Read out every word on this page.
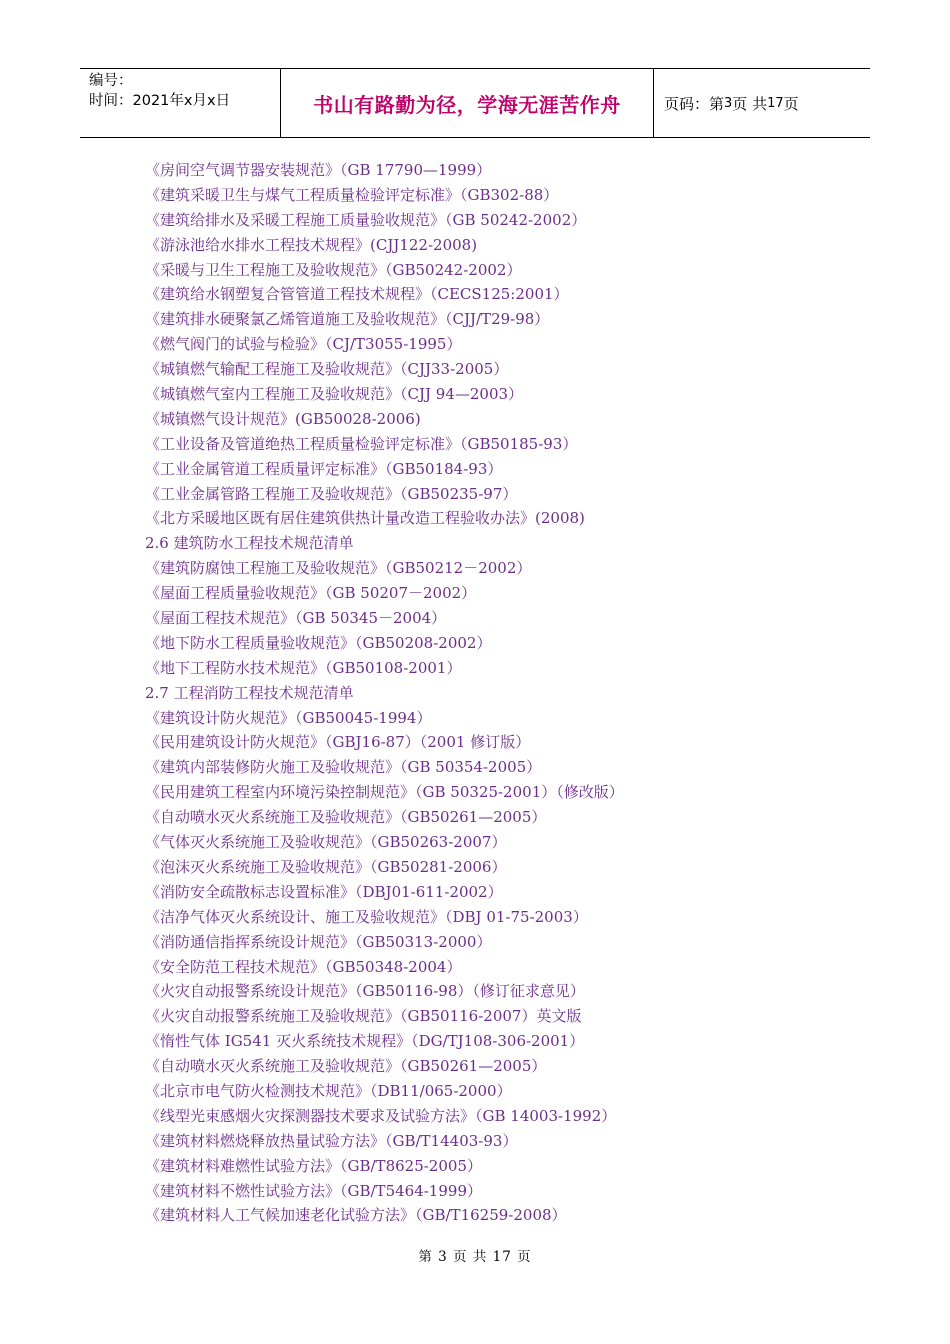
编号：
时间：2021年x月x日	书山有路勤为径，学海无涯苦作舟	页码：第 3 页 共 17 页
《房间空气调节器安装规范》（GB 17790—1999）
《建筑采暖卫生与煤气工程质量检验评定标准》（GB302-88）
《建筑给排水及采暖工程施工质量验收规范》（GB 50242-2002）
《游泳池给水排水工程技术规程》(CJJ122-2008)
《采暖与卫生工程施工及验收规范》（GB50242-2002）
《建筑给水钢塑复合管管道工程技术规程》（CECS125:2001）
《建筑排水硬聚氯乙烯管道施工及验收规范》（CJJ/T29-98）
《燃气阀门的试验与检验》（CJ/T3055-1995）
《城镇燃气输配工程施工及验收规范》（CJJ33-2005）
《城镇燃气室内工程施工及验收规范》（CJJ 94—2003）
《城镇燃气设计规范》(GB50028-2006)
《工业设备及管道绝热工程质量检验评定标准》（GB50185-93）
《工业金属管道工程质量评定标准》（GB50184-93）
《工业金属管路工程施工及验收规范》（GB50235-97）
《北方采暖地区既有居住建筑供热计量改造工程验收办法》(2008)
2.6 建筑防水工程技术规范清单
《建筑防腐蚀工程施工及验收规范》（GB50212－2002）
《屋面工程质量验收规范》（GB 50207－2002）
《屋面工程技术规范》（GB 50345－2004）
《地下防水工程质量验收规范》（GB50208-2002）
《地下工程防水技术规范》（GB50108-2001）
2.7 工程消防工程技术规范清单
《建筑设计防火规范》（GB50045-1994）
《民用建筑设计防火规范》（GBJ16-87）（2001 修订版）
《建筑内部装修防火施工及验收规范》（GB 50354-2005）
《民用建筑工程室内环境污染控制规范》（GB 50325-2001）（修改版）
《自动喷水灭火系统施工及验收规范》（GB50261—2005）
《气体灭火系统施工及验收规范》（GB50263-2007）
《泡沫灭火系统施工及验收规范》（GB50281-2006）
《消防安全疏散标志设置标准》（DBJ01-611-2002）
《洁净气体灭火系统设计、施工及验收规范》（DBJ 01-75-2003）
《消防通信指挥系统设计规范》（GB50313-2000）
《安全防范工程技术规范》（GB50348-2004）
《火灾自动报警系统设计规范》（GB50116-98）（修订征求意见）
《火灾自动报警系统施工及验收规范》（GB50116-2007）英文版
《惰性气体 IG541 灭火系统技术规程》（DG/TJ108-306-2001）
《自动喷水灭火系统施工及验收规范》（GB50261—2005）
《北京市电气防火检测技术规范》（DB11/065-2000）
《线型光束感烟火灾探测器技术要求及试验方法》（GB 14003-1992）
《建筑材料燃烧释放热量试验方法》（GB/T14403-93）
《建筑材料难燃性试验方法》（GB/T8625-2005）
《建筑材料不燃性试验方法》（GB/T5464-1999）
《建筑材料人工气候加速老化试验方法》（GB/T16259-2008）
第 3 页 共 17 页
